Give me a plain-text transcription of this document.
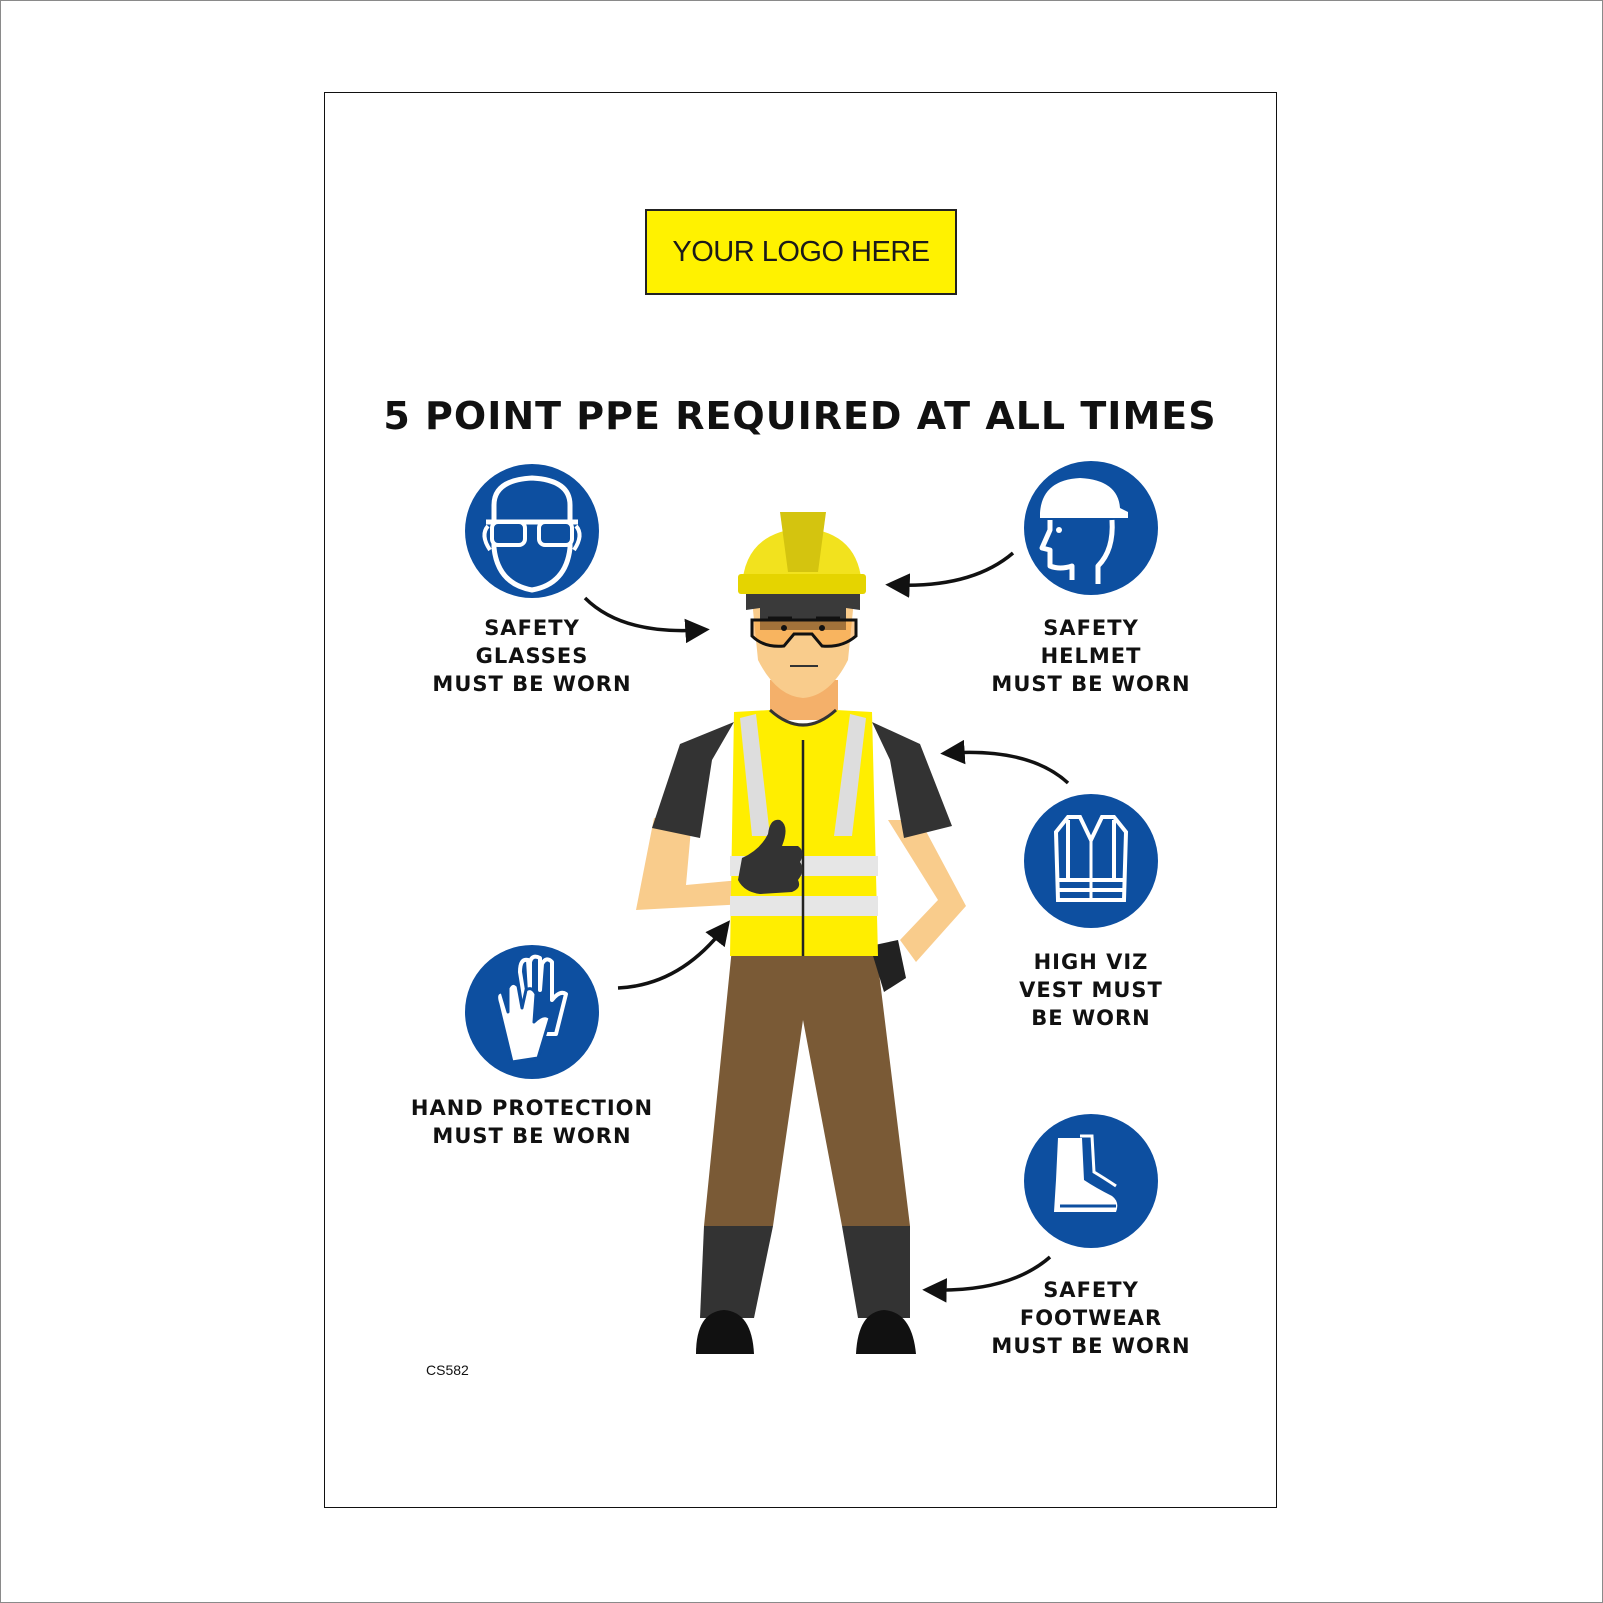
YOUR LOGO HERE
5 POINT PPE REQUIRED AT ALL TIMES
SAFETY
GLASSES
MUST BE WORN
SAFETY
HELMET
MUST BE WORN
HIGH VIZ
VEST MUST
BE WORN
HAND PROTECTION
MUST BE WORN
SAFETY
FOOTWEAR
MUST BE WORN
CS582
